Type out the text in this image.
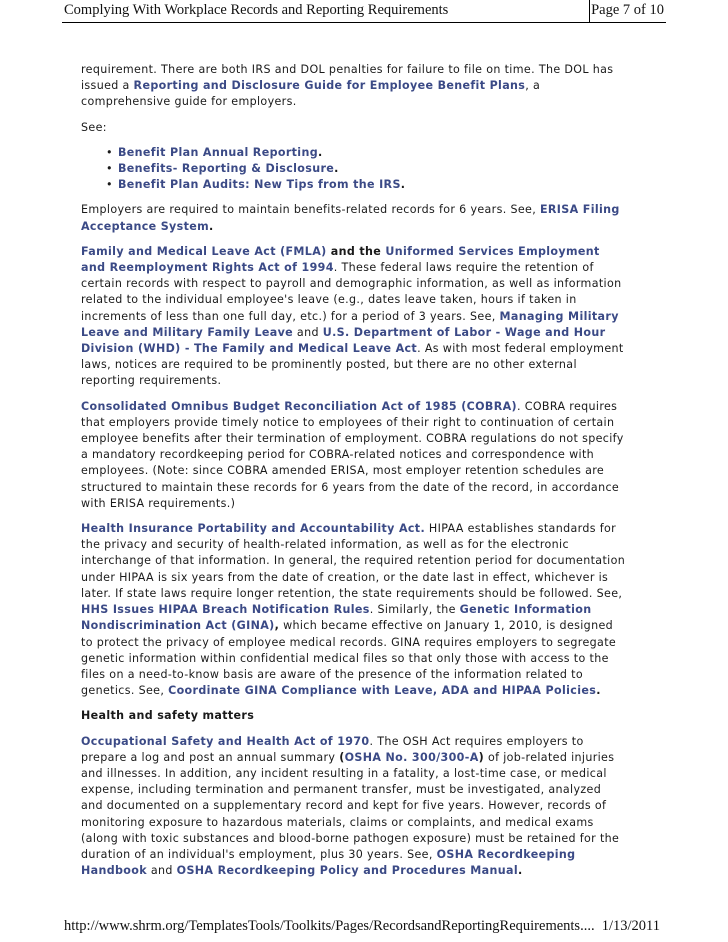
Complying With Workplace Records and Reporting Requirements	Page 7 of 10

requirement. There are both IRS and DOL penalties for failure to file on time. The DOL has issued a Reporting and Disclosure Guide for Employee Benefit Plans, a comprehensive guide for employers.

See:

• Benefit Plan Annual Reporting.
• Benefits- Reporting & Disclosure.
• Benefit Plan Audits: New Tips from the IRS.

Employers are required to maintain benefits-related records for 6 years. See, ERISA Filing Acceptance System.

Family and Medical Leave Act (FMLA) and the Uniformed Services Employment and Reemployment Rights Act of 1994. These federal laws require the retention of certain records with respect to payroll and demographic information, as well as information related to the individual employee's leave (e.g., dates leave taken, hours if taken in increments of less than one full day, etc.) for a period of 3 years. See, Managing Military Leave and Military Family Leave and U.S. Department of Labor - Wage and Hour Division (WHD) - The Family and Medical Leave Act. As with most federal employment laws, notices are required to be prominently posted, but there are no other external reporting requirements.

Consolidated Omnibus Budget Reconciliation Act of 1985 (COBRA). COBRA requires that employers provide timely notice to employees of their right to continuation of certain employee benefits after their termination of employment. COBRA regulations do not specify a mandatory recordkeeping period for COBRA-related notices and correspondence with employees. (Note: since COBRA amended ERISA, most employer retention schedules are structured to maintain these records for 6 years from the date of the record, in accordance with ERISA requirements.)

Health Insurance Portability and Accountability Act. HIPAA establishes standards for the privacy and security of health-related information, as well as for the electronic interchange of that information. In general, the required retention period for documentation under HIPAA is six years from the date of creation, or the date last in effect, whichever is later. If state laws require longer retention, the state requirements should be followed. See, HHS Issues HIPAA Breach Notification Rules. Similarly, the Genetic Information Nondiscrimination Act (GINA), which became effective on January 1, 2010, is designed to protect the privacy of employee medical records. GINA requires employers to segregate genetic information within confidential medical files so that only those with access to the files on a need-to-know basis are aware of the presence of the information related to genetics. See, Coordinate GINA Compliance with Leave, ADA and HIPAA Policies.

Health and safety matters

Occupational Safety and Health Act of 1970. The OSH Act requires employers to prepare a log and post an annual summary (OSHA No. 300/300-A) of job-related injuries and illnesses. In addition, any incident resulting in a fatality, a lost-time case, or medical expense, including termination and permanent transfer, must be investigated, analyzed and documented on a supplementary record and kept for five years. However, records of monitoring exposure to hazardous materials, claims or complaints, and medical exams (along with toxic substances and blood-borne pathogen exposure) must be retained for the duration of an individual's employment, plus 30 years. See, OSHA Recordkeeping Handbook and OSHA Recordkeeping Policy and Procedures Manual.

http://www.shrm.org/TemplatesTools/Toolkits/Pages/RecordsandReportingRequirements.... 1/13/2011
